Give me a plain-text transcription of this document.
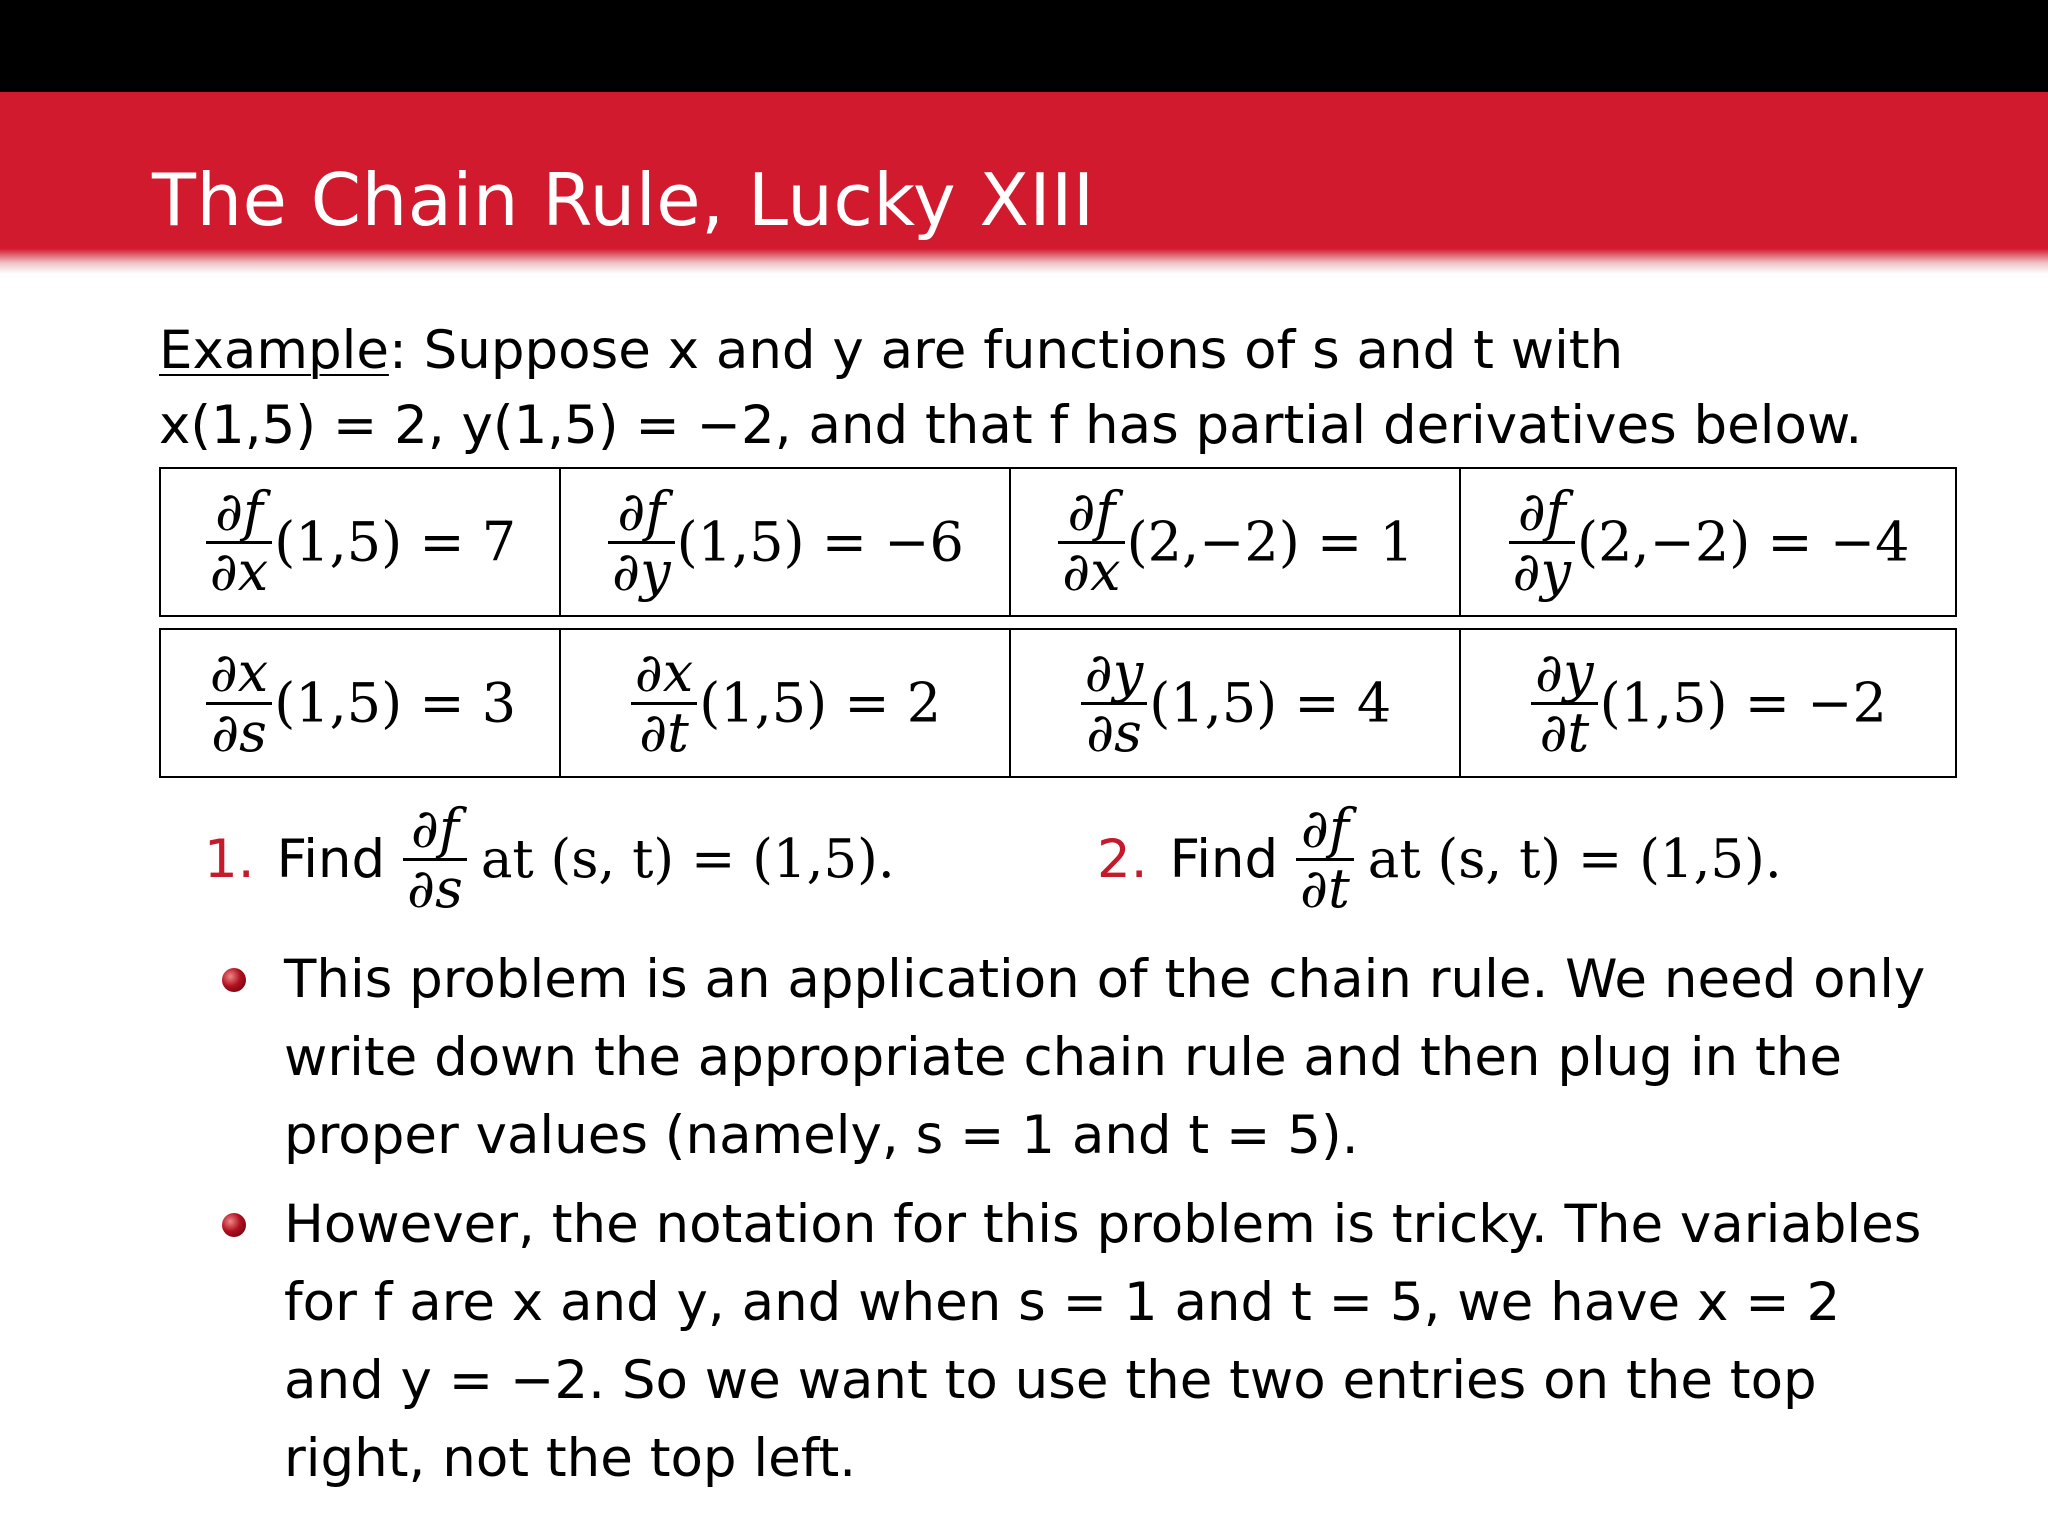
The Chain Rule, Lucky XIII
Example: Suppose x and y are functions of s and t with
x(1,5) = 2, y(1,5) = −2, and that f has partial derivatives below.
$\frac{\partial f}{\partial x} (1,5) = 7$	$\frac{\partial f}{\partial y} (1,5) = -6$	$\frac{\partial f}{\partial x} (2,-2) = 1$	$\frac{\partial f}{\partial y} (2,-2) = -4$
$\frac{\partial x}{\partial s} (1,5) = 3$	$\frac{\partial x}{\partial t} (1,5) = 2$	$\frac{\partial y}{\partial s} (1,5) = 4$	$\frac{\partial y}{\partial t} (1,5) = -2$
1. Find $\frac{\partial f}{\partial s}$ at (s, t) = (1,5).	2. Find $\frac{\partial f}{\partial t}$ at (s, t) = (1,5).
This problem is an application of the chain rule. We need only
write down the appropriate chain rule and then plug in the
proper values (namely, s = 1 and t = 5).
However, the notation for this problem is tricky. The variables
for f are x and y, and when s = 1 and t = 5, we have x = 2
and y = −2. So we want to use the two entries on the top
right, not the top left.
